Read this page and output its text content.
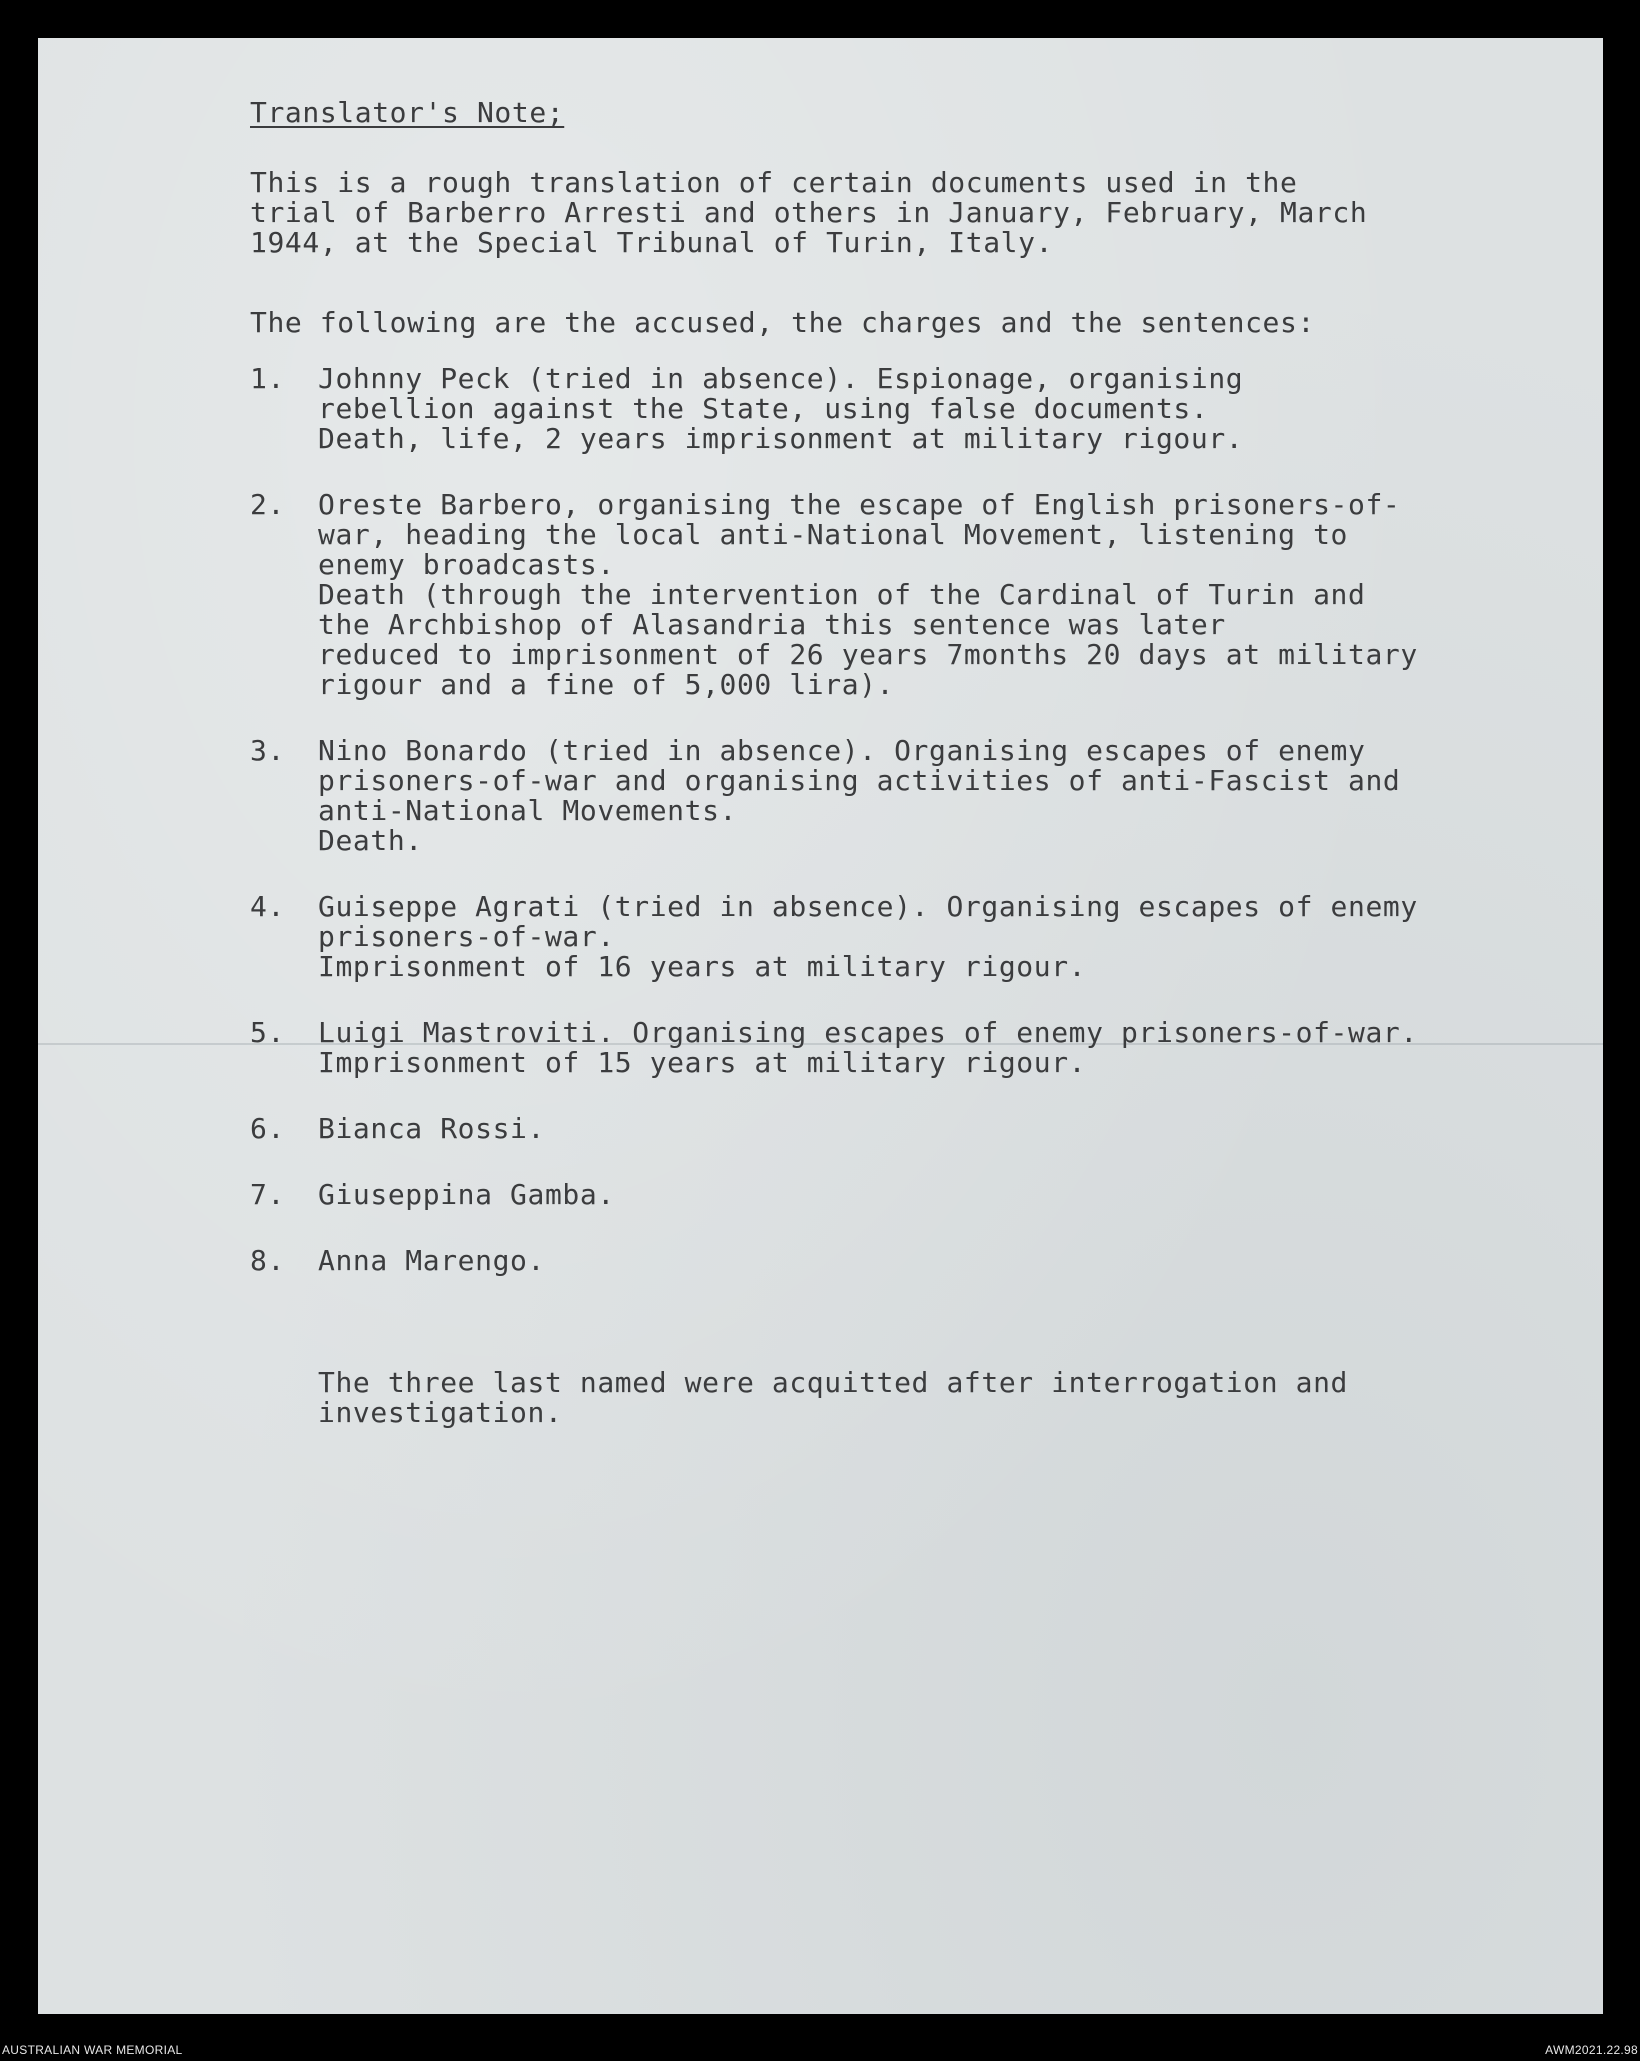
Translator's Note;
This is a rough translation of certain documents used in the
trial of Barberro Arresti and others in January, February, March
1944, at the Special Tribunal of Turin, Italy.
The following are the accused, the charges and the sentences:
1. Johnny Peck (tried in absence). Espionage, organising
rebellion against the State, using false documents.
Death, life, 2 years imprisonment at military rigour.
2. Oreste Barbero, organising the escape of English prisoners-of-
war, heading the local anti-National Movement, listening to
enemy broadcasts.
Death (through the intervention of the Cardinal of Turin and
the Archbishop of Alasandria this sentence was later
reduced to imprisonment of 26 years 7months 20 days at military
rigour and a fine of 5,000 lira).
3. Nino Bonardo (tried in absence). Organising escapes of enemy
prisoners-of-war and organising activities of anti-Fascist and
anti-National Movements.
Death.
4. Guiseppe Agrati (tried in absence). Organising escapes of enemy
prisoners-of-war.
Imprisonment of 16 years at military rigour.
5. Luigi Mastroviti. Organising escapes of enemy prisoners-of-war.
Imprisonment of 15 years at military rigour.
6. Bianca Rossi.
7. Giuseppina Gamba.
8. Anna Marengo.
The three last named were acquitted after interrogation and
investigation.
AUSTRALIAN WAR MEMORIAL	AWM2021.22.98
